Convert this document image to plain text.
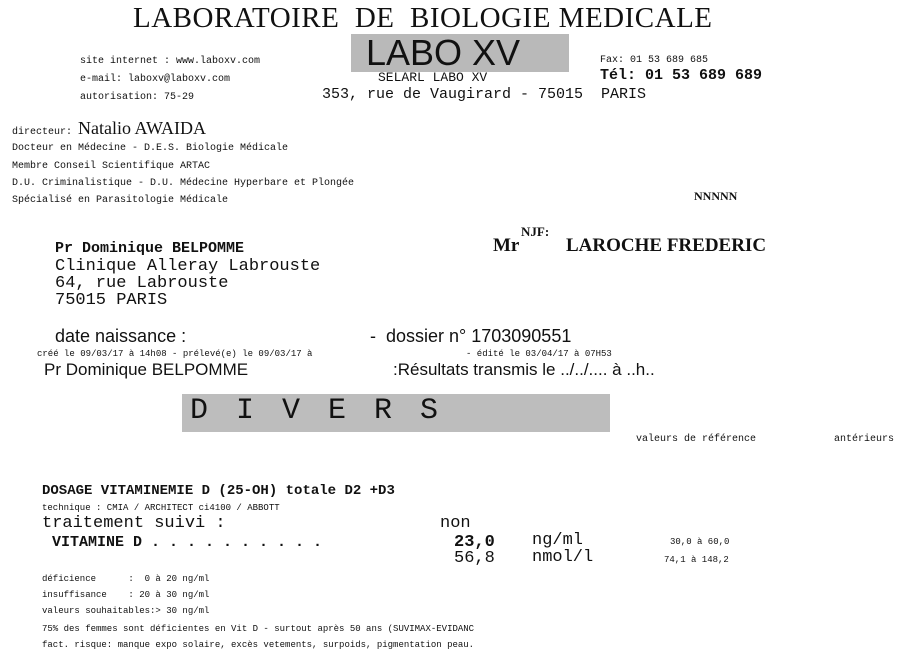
LABORATOIRE  DE  BIOLOGIE MEDICALE
LABO XV
site internet : www.laboxv.com
e-mail: laboxv@laboxv.com
autorisation: 75-29
SELARL LABO XV
353, rue de Vaugirard - 75015  PARIS
Fax: 01 53 689 685
Tél: 01 53 689 689
directeur: Natalio AWAIDA
Docteur en Médecine - D.E.S. Biologie Médicale
Membre Conseil Scientifique ARTAC
D.U. Criminalistique - D.U. Médecine Hyperbare et Plongée
Spécialisé en Parasitologie Médicale	NNNNN
Mr
NJF:
LAROCHE FREDERIC
Pr Dominique BELPOMME
Clinique Alleray Labrouste
64, rue Labrouste
75015 PARIS
date naissance :	-  dossier n° 1703090551
créé le 09/03/17 à 14h08 - prélevé(e) le 09/03/17 à	- édité le 03/04/17 à 07H53
Pr Dominique BELPOMME	:Résultats transmis le ../../.... à ..h..
D I V E R S
valeurs de référence	antérieurs
DOSAGE VITAMINEMIE D (25-OH) totale D2 +D3
technique : CMIA / ARCHITECT ci4100 / ABBOTT
traitement suivi :	non
VITAMINE D . . . . . . . . . .	23,0 ng/ml	30,0 à 60,0
56,8 nmol/l	74,1 à 148,2
déficience      :  0 à 20 ng/ml
insuffisance    : 20 à 30 ng/ml
valeurs souhaitables:> 30 ng/ml
75% des femmes sont déficientes en Vit D - surtout après 50 ans (SUVIMAX-EVIDANC
fact. risque: manque expo solaire, excès vetements, surpoids, pigmentation peau.
